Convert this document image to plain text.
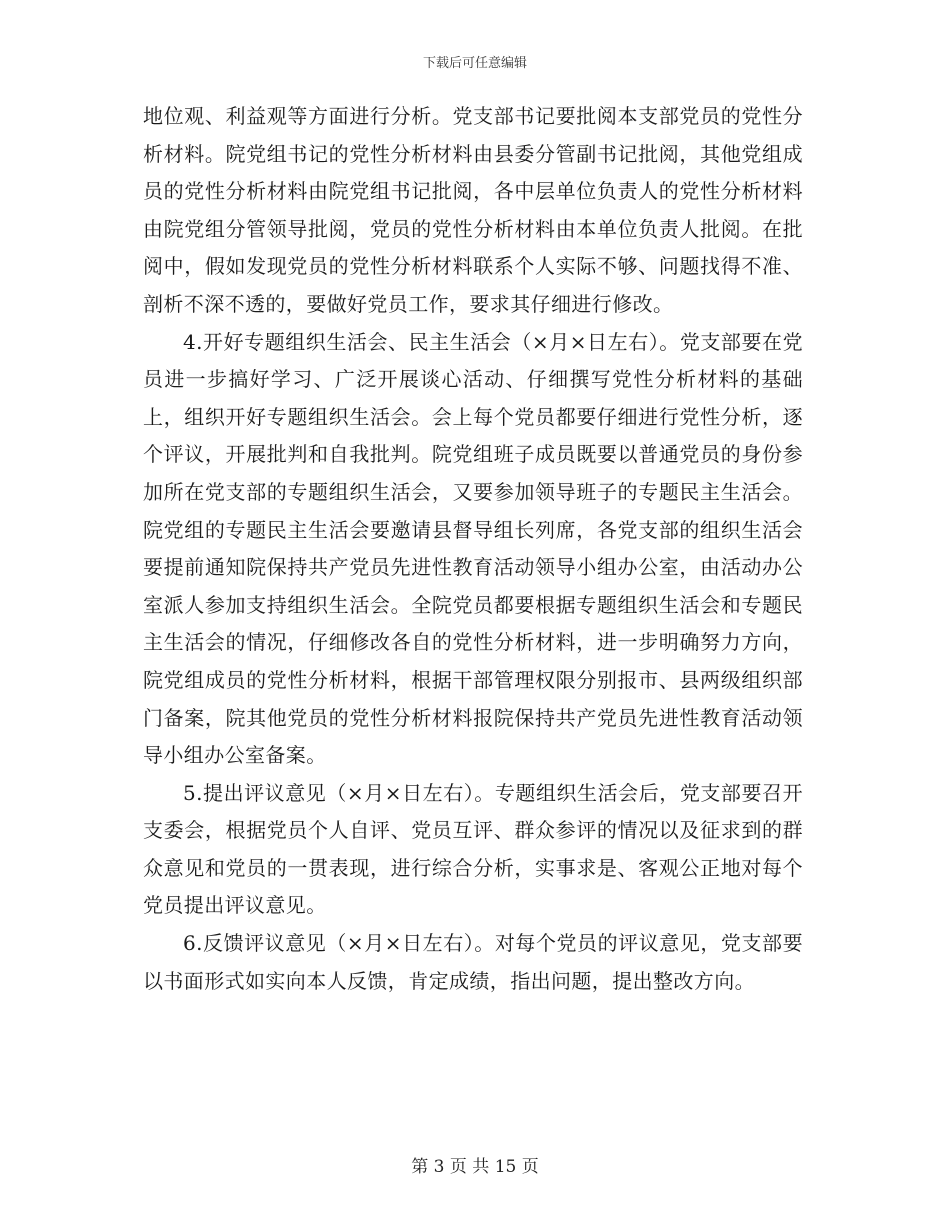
下载后可任意编辑

地位观、利益观等方面进行分析。党支部书记要批阅本支部党员的党性分析材料。院党组书记的党性分析材料由县委分管副书记批阅，其他党组成员的党性分析材料由院党组书记批阅，各中层单位负责人的党性分析材料由院党组分管领导批阅，党员的党性分析材料由本单位负责人批阅。在批阅中，假如发现党员的党性分析材料联系个人实际不够、问题找得不准、剖析不深不透的，要做好党员工作，要求其仔细进行修改。

4.开好专题组织生活会、民主生活会（×月×日左右）。党支部要在党员进一步搞好学习、广泛开展谈心活动、仔细撰写党性分析材料的基础上，组织开好专题组织生活会。会上每个党员都要仔细进行党性分析，逐个评议，开展批判和自我批判。院党组班子成员既要以普通党员的身份参加所在党支部的专题组织生活会，又要参加领导班子的专题民主生活会。院党组的专题民主生活会要邀请县督导组长列席，各党支部的组织生活会要提前通知院保持共产党员先进性教育活动领导小组办公室，由活动办公室派人参加支持组织生活会。全院党员都要根据专题组织生活会和专题民主生活会的情况，仔细修改各自的党性分析材料，进一步明确努力方向，院党组成员的党性分析材料，根据干部管理权限分别报市、县两级组织部门备案，院其他党员的党性分析材料报院保持共产党员先进性教育活动领导小组办公室备案。

5.提出评议意见（×月×日左右）。专题组织生活会后，党支部要召开支委会，根据党员个人自评、党员互评、群众参评的情况以及征求到的群众意见和党员的一贯表现，进行综合分析，实事求是、客观公正地对每个党员提出评议意见。

6.反馈评议意见（×月×日左右）。对每个党员的评议意见，党支部要以书面形式如实向本人反馈，肯定成绩，指出问题，提出整改方向。

第 3 页 共 15 页
